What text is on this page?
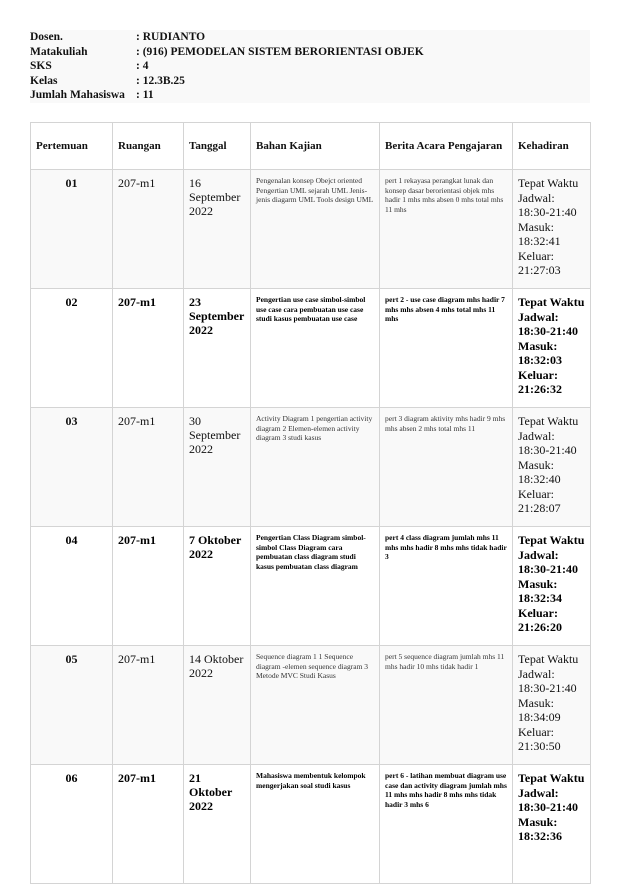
Dosen.	: RUDIANTO
Matakuliah	: (916) PEMODELAN SISTEM BERORIENTASI OBJEK
SKS	: 4
Kelas	: 12.3B.25
Jumlah Mahasiswa : 11
Pertemuan	Ruangan	Tanggal	Bahan Kajian	Berita Acara Pengajaran	Kehadiran
01	207-m1	16 September 2022	Pengenalan konsep Obejct oriented Pengertian UML sejarah UML Jenis-jenis diagarm UML Tools design UML	pert 1 rekayasa perangkat lunak dan konsep dasar berorientasi objek mhs hadir 1 mhs mhs absen 0 mhs total mhs 11 mhs	Tepat Waktu
Jadwal: 18:30-21:40
Masuk: 18:32:41
Keluar: 21:27:03

02	207-m1	23 September 2022	Pengertian use case simbol-simbol use case cara pembuatan use case studi kasus pembuatan use case	pert 2 - use case diagram mhs hadir 7 mhs mhs absen 4 mhs total mhs 11 mhs	Tepat Waktu
Jadwal: 18:30-21:40
Masuk: 18:32:03
Keluar: 21:26:32

03	207-m1	30 September 2022	Activity Diagram 1 pengertian activity diagram 2 Elemen-elemen activity diagram 3 studi kasus	pert 3 diagram aktivity mhs hadir 9 mhs mhs absen 2 mhs total mhs 11	Tepat Waktu
Jadwal: 18:30-21:40
Masuk: 18:32:40
Keluar: 21:28:07

04	207-m1	7 Oktober 2022	Pengertian Class Diagram simbol-simbol Class Diagram cara pembuatan class diagram studi kasus pembuatan class diagram	pert 4 class diagram jumlah mhs 11 mhs mhs hadir 8 mhs mhs tidak hadir 3	Tepat Waktu
Jadwal: 18:30-21:40
Masuk: 18:32:34
Keluar: 21:26:20

05	207-m1	14 Oktober 2022	Sequence diagram 1 1 Sequence diagram -elemen sequence diagram 3 Metode MVC Studi Kasus	pert 5 sequence diagram jumlah mhs 11 mhs hadir 10 mhs tidak hadir 1	Tepat Waktu
Jadwal: 18:30-21:40
Masuk: 18:34:09
Keluar: 21:30:50

06	207-m1	21 Oktober 2022	Mahasiswa membentuk kelompok mengerjakan soal studi kasus	pert 6 - latihan membuat diagram use case dan activity diagram jumlah mhs 11 mhs mhs hadir 8 mhs mhs tidak hadir 3 mhs 6	Tepat Waktu
Jadwal: 18:30-21:40
Masuk: 18:32:36
